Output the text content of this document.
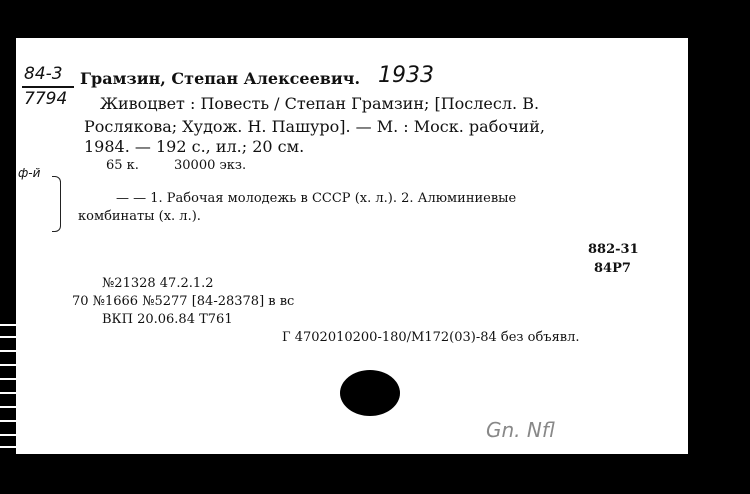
84-3
7794
Грамзин, Степан Алексеевич. 1933
Живоцвет : Повесть / Степан Грамзин; [Послесл. В.
Рослякова; Худож. Н. Пашуро]. — М. : Моск. рабочий,
1984. — 192 с., ил.; 20 см.
65 к.	30000 экз.
ф-й
— — 1. Рабочая молодежь в СССР (х. л.). 2. Алюминиевые
комбинаты (х. л.).
882-31
84Р7
№21328 47.2.1.2
70 №1666 №5277 [84-28378] в вс
ВКП 20.06.84 Т761
Г 4702010200-180/М172(03)-84 без объявл.
Gn. Nfl
